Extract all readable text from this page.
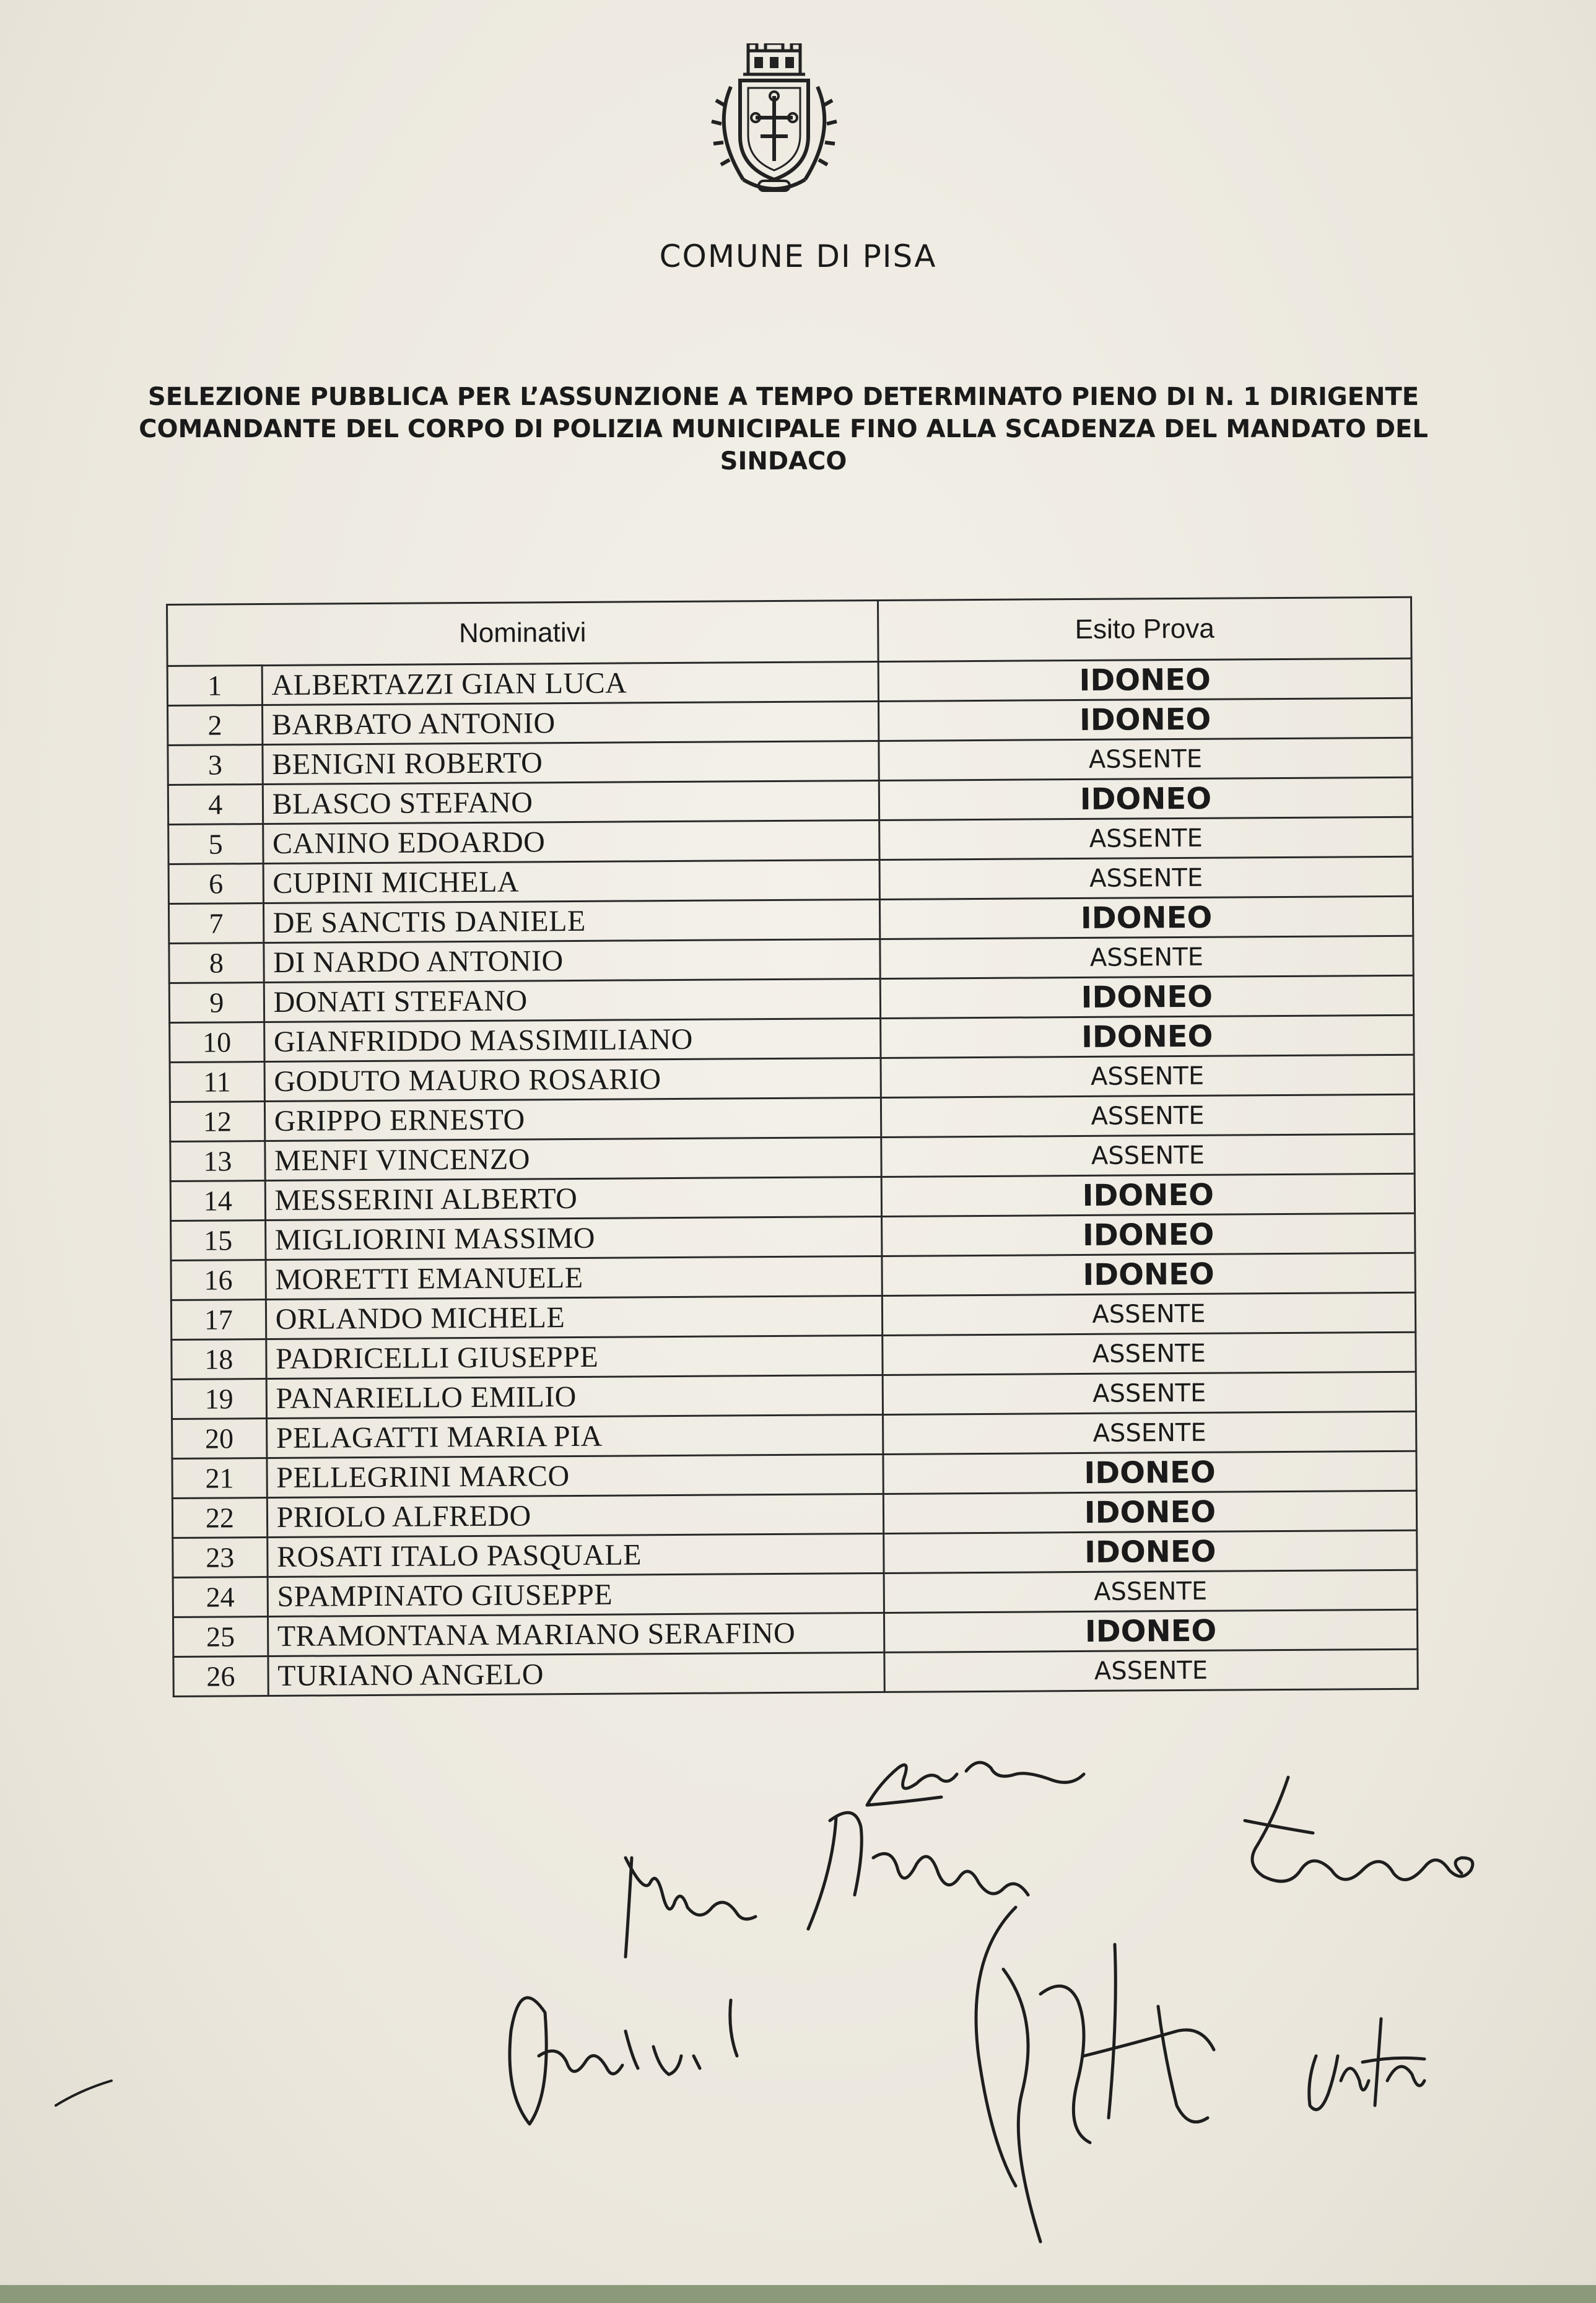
COMUNE DI PISA
SELEZIONE PUBBLICA PER L’ASSUNZIONE A TEMPO DETERMINATO PIENO DI N. 1 DIRIGENTE
COMANDANTE DEL CORPO DI POLIZIA MUNICIPALE FINO ALLA SCADENZA DEL MANDATO DEL
SINDACO
Nominativi		Esito Prova
1	ALBERTAZZI GIAN LUCA	IDONEO
2	BARBATO ANTONIO	IDONEO
3	BENIGNI ROBERTO	ASSENTE
4	BLASCO STEFANO	IDONEO
5	CANINO EDOARDO	ASSENTE
6	CUPINI MICHELA	ASSENTE
7	DE SANCTIS DANIELE	IDONEO
8	DI NARDO ANTONIO	ASSENTE
9	DONATI STEFANO	IDONEO
10	GIANFRIDDO MASSIMILIANO	IDONEO
11	GODUTO MAURO ROSARIO	ASSENTE
12	GRIPPO ERNESTO	ASSENTE
13	MENFI VINCENZO	ASSENTE
14	MESSERINI ALBERTO	IDONEO
15	MIGLIORINI MASSIMO	IDONEO
16	MORETTI EMANUELE	IDONEO
17	ORLANDO MICHELE	ASSENTE
18	PADRICELLI GIUSEPPE	ASSENTE
19	PANARIELLO EMILIO	ASSENTE
20	PELAGATTI MARIA PIA	ASSENTE
21	PELLEGRINI MARCO	IDONEO
22	PRIOLO ALFREDO	IDONEO
23	ROSATI ITALO PASQUALE	IDONEO
24	SPAMPINATO GIUSEPPE	ASSENTE
25	TRAMONTANA MARIANO SERAFINO	IDONEO
26	TURIANO ANGELO	ASSENTE
